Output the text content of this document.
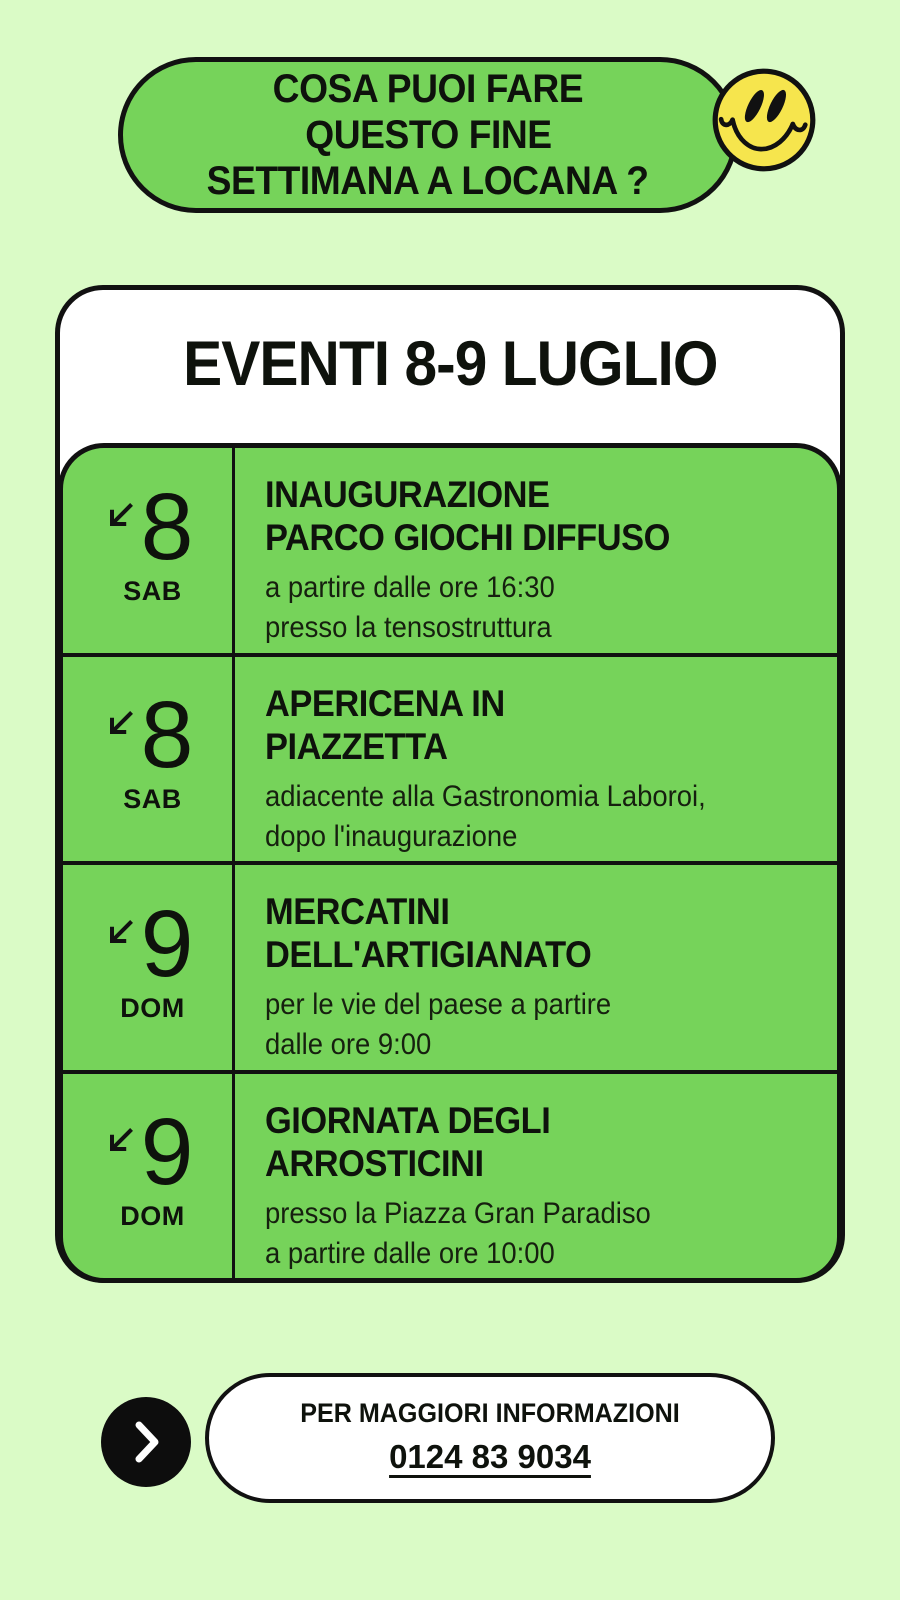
COSA PUOI FARE
QUESTO FINE
SETTIMANA A LOCANA ?
EVENTI 8-9 LUGLIO
8
SAB
INAUGURAZIONE
PARCO GIOCHI DIFFUSO
a partire dalle ore 16:30
presso la tensostruttura
8
SAB
APERICENA IN
PIAZZETTA
adiacente alla Gastronomia Laboroi,
dopo l'inaugurazione
9
DOM
MERCATINI
DELL'ARTIGIANATO
per le vie del paese a partire
dalle ore 9:00
9
DOM
GIORNATA DEGLI
ARROSTICINI
presso la Piazza Gran Paradiso
a partire dalle ore 10:00
PER MAGGIORI INFORMAZIONI
0124 83 9034
